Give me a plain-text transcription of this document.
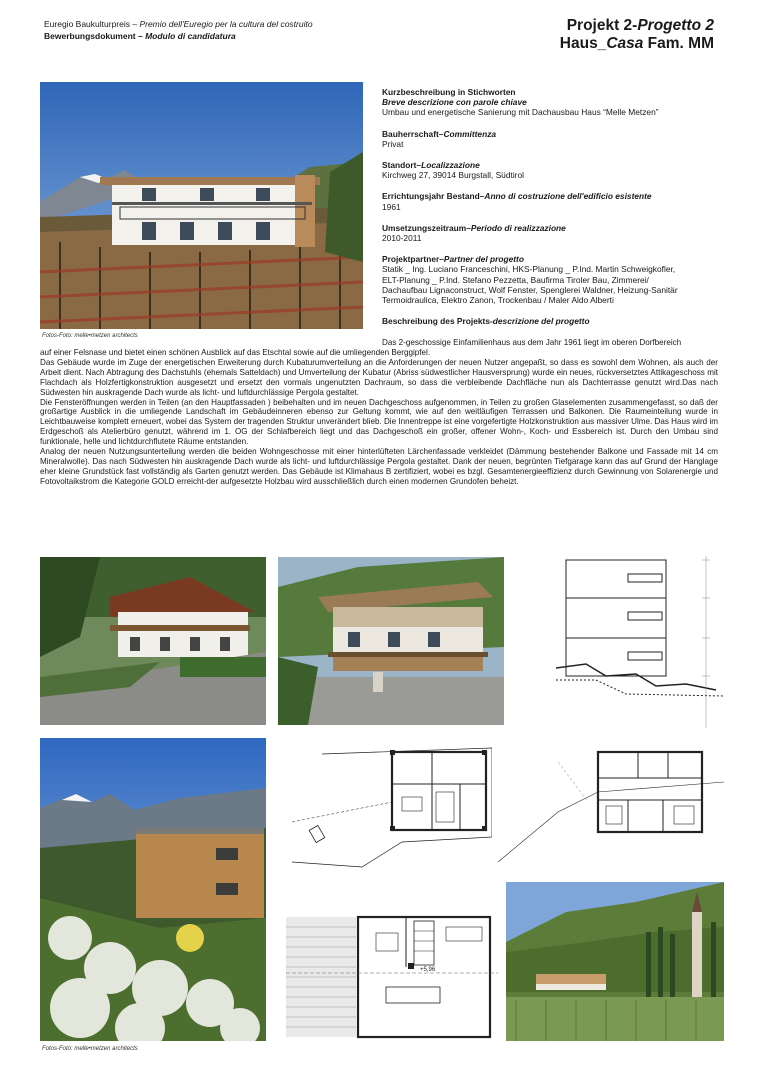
Euregio Baukulturpreis – Premio dell'Euregio per la cultura del costruito
Bewerbungsdokument – Modulo di candidatura
Projekt 2-Progetto 2
Haus_Casa Fam. MM
Fotos-Foto: melle•metzen architects
Kurzbeschreibung in Stichworten
Breve descrizione con parole chiave
Umbau und energetische Sanierung mit Dachausbau Haus “Melle Metzen”
Bauherrschaft–Committenza
Privat
Standort–Localizzazione
Kirchweg 27, 39014 Burgstall, Südtirol
Errichtungsjahr Bestand–Anno di costruzione dell'edificio esistente
1961
Umsetzungszeitraum–Periodo di realizzazione
2010-2011
Projektpartner–Partner del progetto
Statik _ Ing. Luciano Franceschini, HKS-Planung _ P.Ind. Martin Schweigkofler,
ELT-Planung _ P.Ind. Stefano Pezzetta, Baufirma Tiroler Bau, Zimmerei/
Dachaufbau Lignaconstruct, Wolf Fenster, Spenglerei Waldner, Heizung-Sanitär
Termoidraulica, Elektro Zanon, Trockenbau / Maler Aldo Alberti
Beschreibung des Projekts-descrizione del progetto
Das 2-geschossige Einfamilienhaus aus dem Jahr 1961 liegt im oberen Dorfbereich
auf einer Felsnase und bietet einen schönen Ausblick auf das Etschtal sowie auf die umliegenden Berggipfel.
Das Gebäude wurde im Zuge der energetischen Erweiterung durch Kubaturumverteilung an die Anforderungen der neuen Nutzer angepaßt, so dass es sowohl dem Wohnen, als auch der Arbeit dient. Nach Abtragung des Dachstuhls (ehemals Satteldach) und Umverteilung der Kubatur (Abriss südwestlicher Hausversprung) wurde ein neues, rückversetztes Attikageschoss mit Flachdach als Holzfertigkonstruktion ausgesetzt und ersetzt den vormals ungenutzten Dachraum, so dass die verbleibende Dachfläche nun als Dachterrasse genutzt wird.Das nach Südwesten hin auskragende Dach wurde als licht- und luftdurchlässige Pergola gestaltet.
Die Fensteröffnungen werden in Teilen (an den Hauptfassaden ) beibehalten und im neuen Dachgeschoss aufgenommen, in Teilen zu großen Glaselementen zusammengefasst, so daß der großartige Ausblick in die umliegende Landschaft im Gebäudeinneren ebenso zur Geltung kommt, wie auf den weitläufigen Terrassen und Balkonen. Die Raumeinteilung wurde in Leichtbauweise komplett erneuert, wobei das System der tragenden Struktur unverändert blieb. Die Innentreppe ist eine vorgefertigte Holzkonstruktion aus massiver Ulme. Das Haus wird im Erdgeschoß als Atelierbüro genutzt, während im 1. OG der Schlafbereich liegt und das Dachgeschoß ein großer, offener Wohn-, Koch- und Essbereich ist. Durch den Umbau sind funktionale, helle und lichtdurchflutete Räume entstanden.
Analog der neuen Nutzungsunterteilung werden die beiden Wohngeschosse mit einer hinterlüfteten Lärchenfassade verkleidet (Dämmung bestehender Balkone und Fassade mit 14 cm Mineralwolle). Das nach Südwesten hin auskragende Dach wurde als licht- und luftdurchlässige Pergola gestaltet. Dank der neuen, begrünten Tiefgarage kann das auf Grund der Hanglage eher kleine Grundstück fast vollständig als Garten genutzt werden. Das Gebäude ist Klimahaus B zertifiziert, wobei es bzgl. Gesamtenergieeffizienz durch Gewinnung von Solarenergie und Fotovoltaikstrom die Kategorie GOLD erreicht-der aufgesetzte Holzbau wird ausschließlich durch einen modernen Grundofen beheizt.
Fotos-Foto: melle•metzen architects
+5,96
